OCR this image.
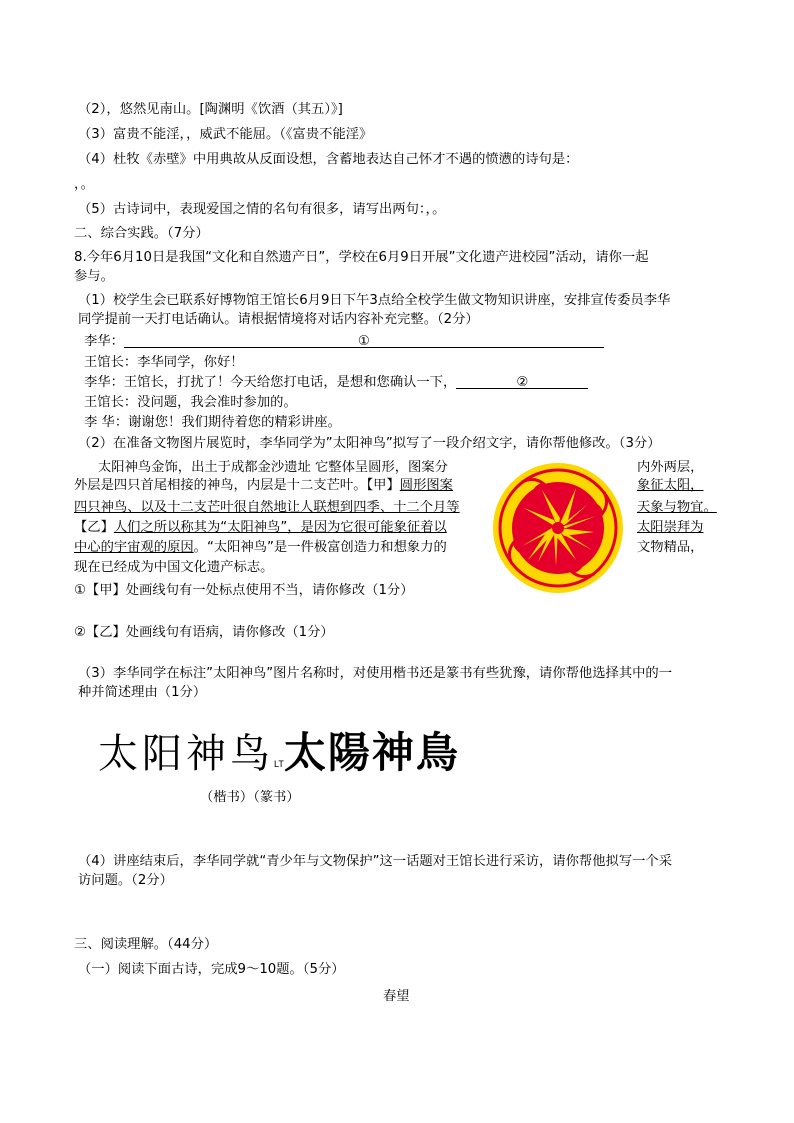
（2），悠然见南山。[陶渊明《饮酒（其五）》]
（3）富贵不能淫，，威武不能屈。（《富贵不能淫》
（4）杜牧《赤壁》中用典故从反面设想，含蓄地表达自己怀才不遇的愤懑的诗句是：
，。
（5）古诗词中，表现爱国之情的名句有很多，请写出两句：，。
二、综合实践。（7分）
8.今年6月10日是我国“文化和自然遗产日”，学校在6月9日开展”文化遗产进校园”活动，请你一起
参与。
（1）校学生会已联系好博物馆王馆长6月9日下午3点给全校学生做文物知识讲座，安排宣传委员李华
同学提前一天打电话确认。请根据情境将对话内容补充完整。（2分）
李华：	①
王馆长：李华同学，你好！
李华：王馆长，打扰了！今天给您打电话，是想和您确认一下，	②
王馆长：没问题，我会准时参加的。
李 华：谢谢您！我们期待着您的精彩讲座。
（2）在准备文物图片展览时，李华同学为”太阳神鸟”拟写了一段介绍文字，请你帮他修改。（3分）
太阳神鸟金饰，出土于成都金沙遗址 它整体呈圆形，图案分	内外两层，
外层是四只首尾相接的神鸟，内层是十二支芒叶。【甲】圆形图案	象征太阳，
四只神鸟、以及十二支芒叶很自然地让人联想到四季、十二个月等	天象与物宜。
【乙】人们之所以称其为“太阳神鸟”，是因为它很可能象征着以	太阳崇拜为
中心的宇宙观的原因。“太阳神鸟”是一件极富创造力和想象力的	文物精品，
现在已经成为中国文化遗产标志。
①【甲】处画线句有一处标点使用不当，请你修改（1分）
②【乙】处画线句有语病，请你修改（1分）
（3）李华同学在标注”太阳神鸟”图片名称时，对使用楷书还是篆书有些犹豫，请你帮他选择其中的一
种并简述理由（1分）
太阳神鸟LT太陽神鳥
（楷书）（篆书）
（4）讲座结束后，李华同学就“青少年与文物保护”这一话题对王馆长进行采访，请你帮他拟写一个采
访问题。（2分）
三、阅读理解。（44分）
（一）阅读下面古诗，完成9～10题。（5分）
春望
